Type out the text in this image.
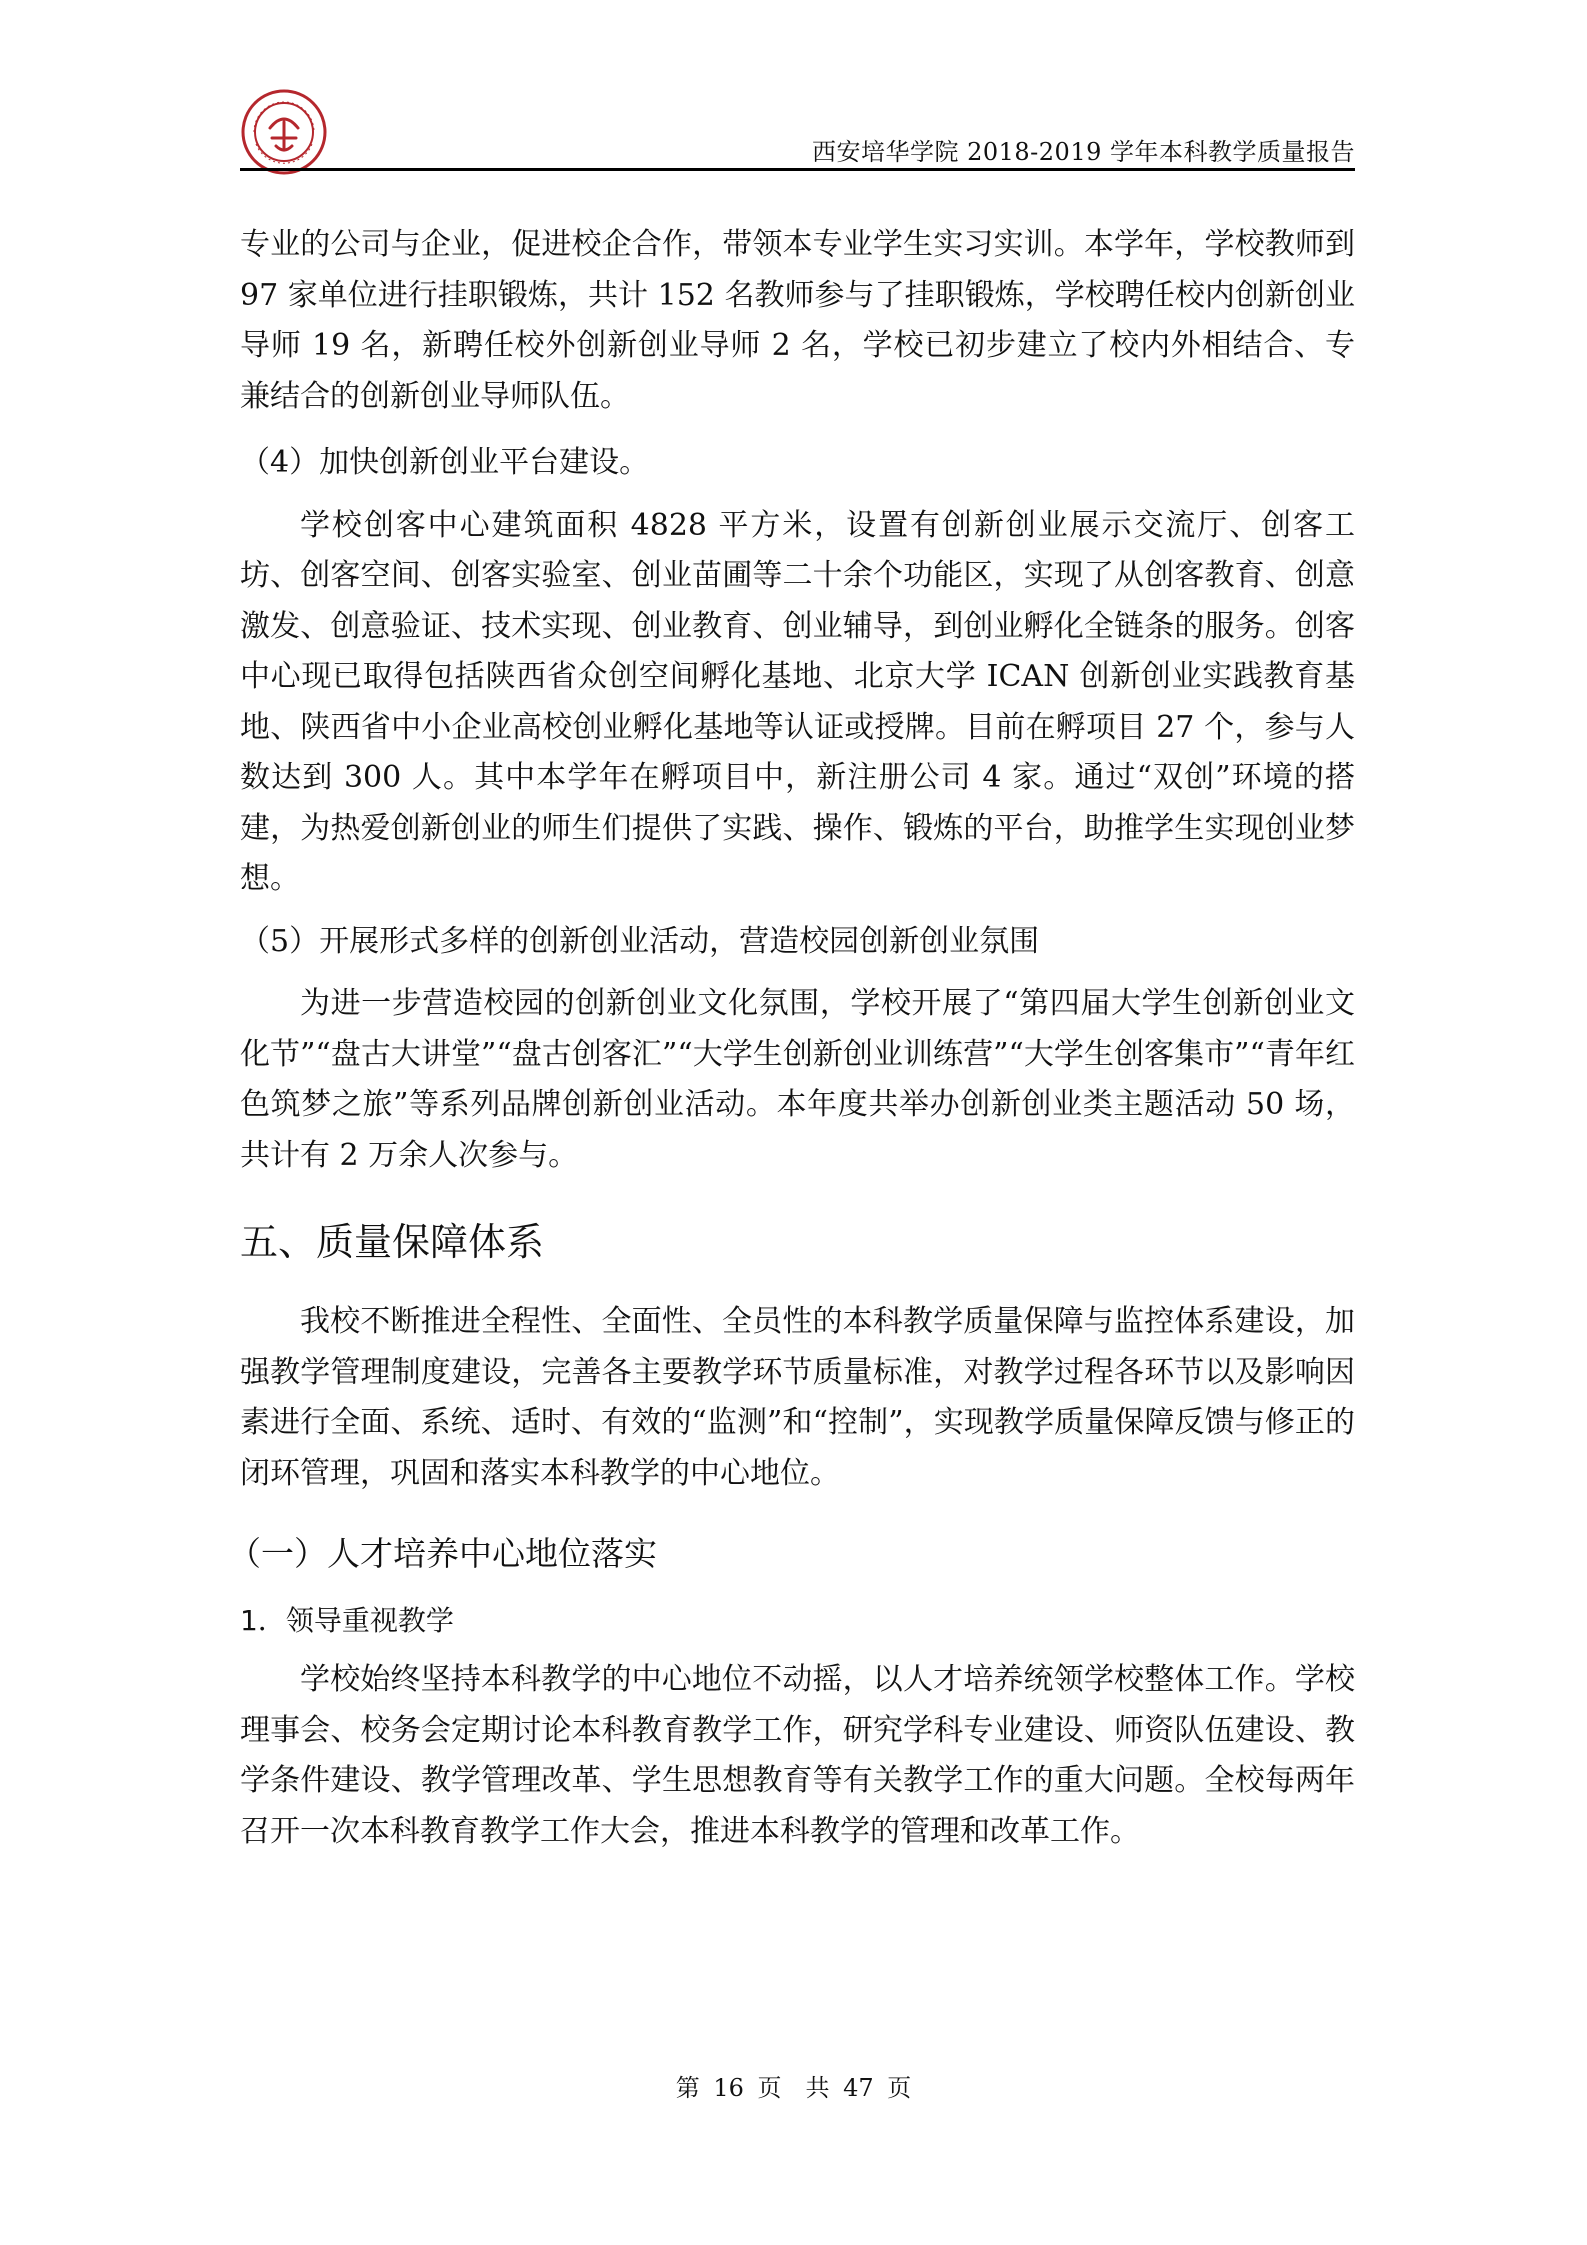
西安培华学院 2018-2019 学年本科教学质量报告

专业的公司与企业，促进校企合作，带领本专业学生实习实训。本学年，学校教师到 97 家单位进行挂职锻炼，共计 152 名教师参与了挂职锻炼，学校聘任校内创新创业导师 19 名，新聘任校外创新创业导师 2 名，学校已初步建立了校内外相结合、专兼结合的创新创业导师队伍。

（4）加快创新创业平台建设。

学校创客中心建筑面积 4828 平方米，设置有创新创业展示交流厅、创客工坊、创客空间、创客实验室、创业苗圃等二十余个功能区，实现了从创客教育、创意激发、创意验证、技术实现、创业教育、创业辅导，到创业孵化全链条的服务。创客中心现已取得包括陕西省众创空间孵化基地、北京大学 ICAN 创新创业实践教育基地、陕西省中小企业高校创业孵化基地等认证或授牌。目前在孵项目 27 个，参与人数达到 300 人。其中本学年在孵项目中，新注册公司 4 家。通过“双创”环境的搭建，为热爱创新创业的师生们提供了实践、操作、锻炼的平台，助推学生实现创业梦想。

（5）开展形式多样的创新创业活动，营造校园创新创业氛围

为进一步营造校园的创新创业文化氛围，学校开展了“第四届大学生创新创业文化节”“盘古大讲堂”“盘古创客汇”“大学生创新创业训练营”“大学生创客集市”“青年红色筑梦之旅”等系列品牌创新创业活动。本年度共举办创新创业类主题活动 50 场，共计有 2 万余人次参与。

五、质量保障体系

我校不断推进全程性、全面性、全员性的本科教学质量保障与监控体系建设，加强教学管理制度建设，完善各主要教学环节质量标准，对教学过程各环节以及影响因素进行全面、系统、适时、有效的“监测”和“控制”，实现教学质量保障反馈与修正的闭环管理，巩固和落实本科教学的中心地位。

（一）人才培养中心地位落实
1．领导重视教学

学校始终坚持本科教学的中心地位不动摇，以人才培养统领学校整体工作。学校理事会、校务会定期讨论本科教育教学工作，研究学科专业建设、师资队伍建设、教学条件建设、教学管理改革、学生思想教育等有关教学工作的重大问题。全校每两年召开一次本科教育教学工作大会，推进本科教学的管理和改革工作。

第 16 页　共 47 页
